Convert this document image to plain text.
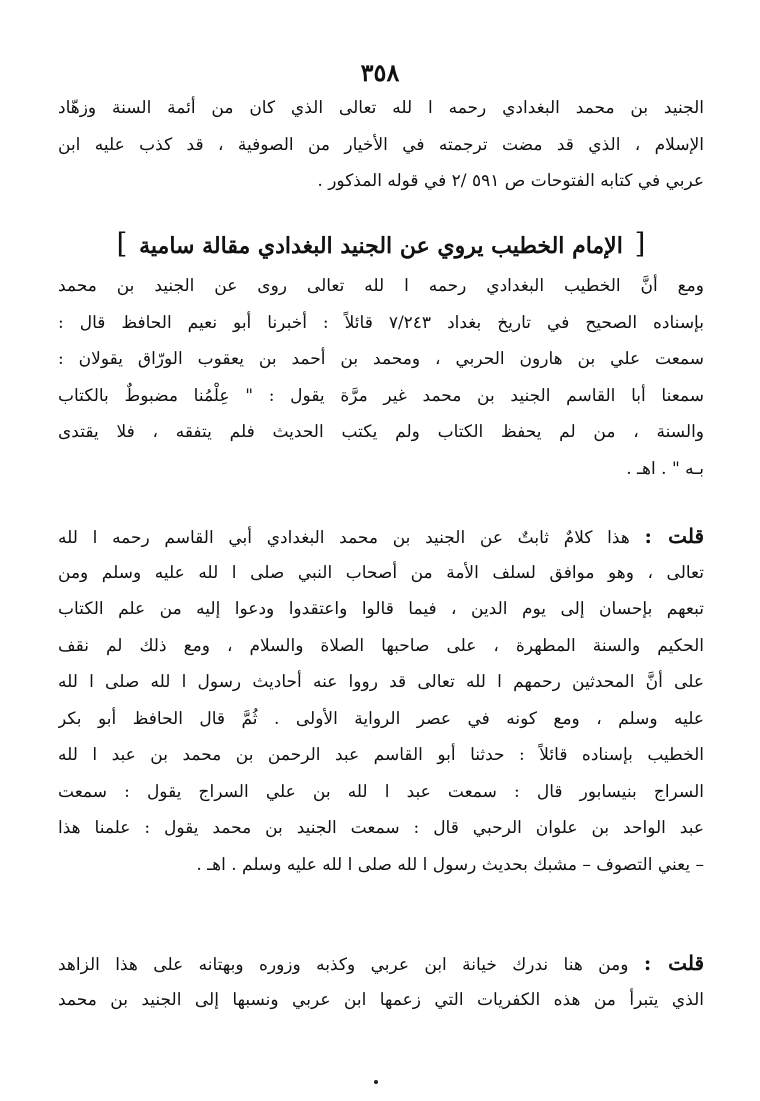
٣٥٨
الجنيد بن محمد البغدادي رحمه ا لله تعالى الذي كان من أئمة السنة وزهّاد
الإسلام ، الذي قد مضت ترجمته في الأخيار من الصوفية ، قد كذب عليه ابن
عربي في كتابه الفتوحات ص ٥٩١ /٢ في قوله المذكور .
[ الإمام الخطيب يروي عن الجنيد البغدادي مقالة سامية ]
ومع أنَّ الخطيب البغدادي رحمه ا لله تعالى روى عن الجنيد بن محمد
بإسناده الصحيح في تاريخ بغداد ٧/٢٤٣ قائلاً : أخبرنا أبو نعيم الحافظ قال :
سمعت علي بن هارون الحربي ، ومحمد بن أحمد بن يعقوب الورّاق يقولان :
سمعنا أبا القاسم الجنيد بن محمد غير مرَّة يقول : " عِلْمُنا مضبوطٌ بالكتاب
والسنة ، من لم يحفظ الكتاب ولم يكتب الحديث فلم يتفقه ، فلا يقتدى
بـه " . اهـ .
قلت : هذا كلامٌ ثابتٌ عن الجنيد بن محمد البغدادي أبي القاسم رحمه ا لله
تعالى ، وهو موافق لسلف الأمة من أصحاب النبي صلى ا لله عليه وسلم ومن
تبعهم بإحسان إلى يوم الدين ، فيما قالوا واعتقدوا ودعوا إليه من علم الكتاب
الحكيم والسنة المطهرة ، على صاحبها الصلاة والسلام ، ومع ذلك لم نقف
على أنَّ المحدثين رحمهم ا لله تعالى قد رووا عنه أحاديث رسول ا لله صلى ا لله
عليه وسلم ، ومع كونه في عصر الرواية الأولى . ثُمَّ قال الحافظ أبو بكر
الخطيب بإسناده قائلاً : حدثنا أبو القاسم عبد الرحمن بن محمد بن عبد ا لله
السراج بنيسابور قال : سمعت عبد ا لله بن علي السراج يقول : سمعت
عبد الواحد بن علوان الرحبي قال : سمعت الجنيد بن محمد يقول : علمنا هذا
– يعني التصوف – مشبك بحديث رسول ا لله صلى ا لله عليه وسلم . اهـ .
قلت : ومن هنا ندرك خيانة ابن عربي وكذبه وزوره وبهتانه على هذا الزاهد
الذي يتبرأ من هذه الكفريات التي زعمها ابن عربي ونسبها إلى الجنيد بن محمد
